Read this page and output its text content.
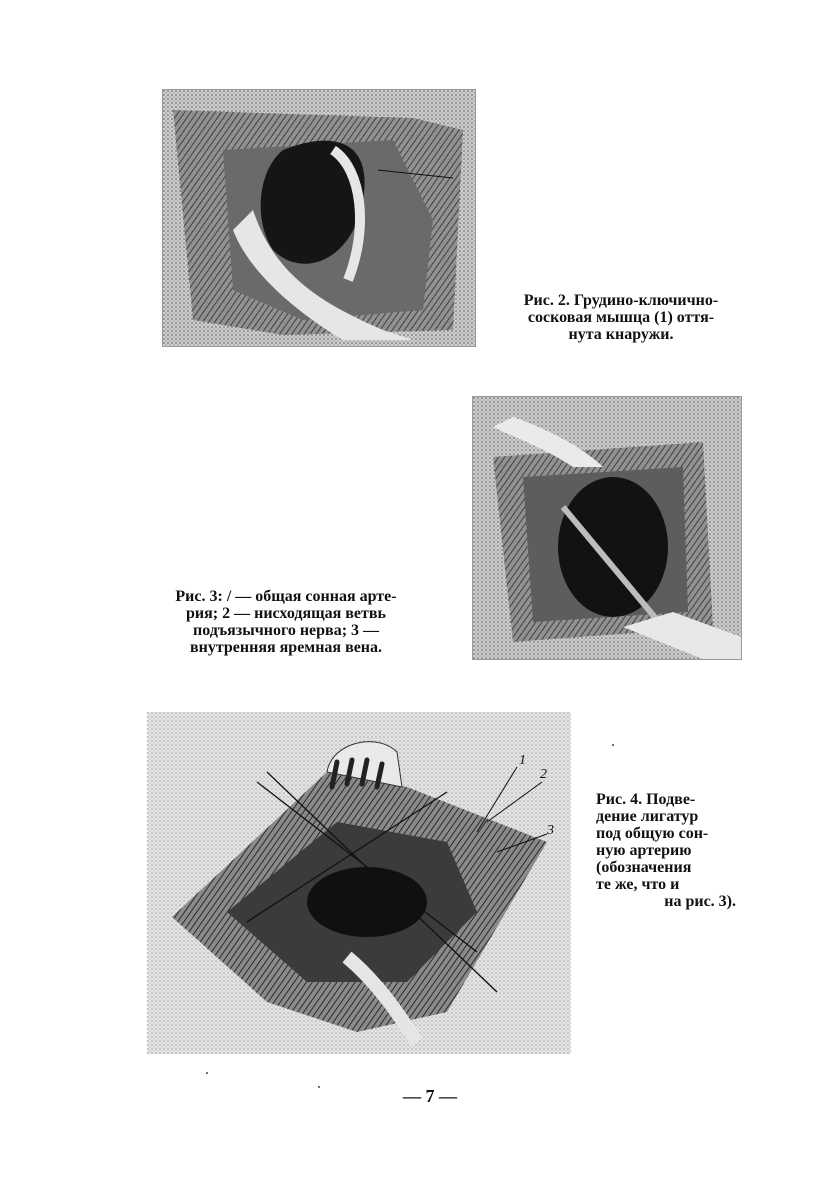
Рис. 2. Грудино-ключично-
сосковая мышца (1) оття-
нута кнаружи.
Рис. 3: / — общая сонная арте-
рия; 2 — нисходящая ветвь
подъязычного нерва; 3 —
внутренняя яремная вена.
1
2
3
Рис. 4. Подве-
дение лигатур
под общую сон-
ную артерию
(обозначения
те же, что и
на рис. 3).
— 7 —
